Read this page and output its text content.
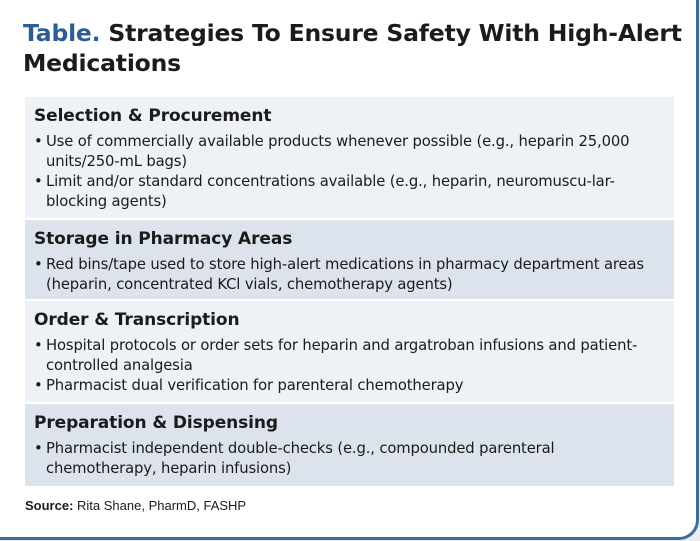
Table. Strategies To Ensure Safety With High-Alert Medications
Selection & Procurement
• Use of commercially available products whenever possible (e.g., heparin 25,000 units/250-mL bags)
• Limit and/or standard concentrations available (e.g., heparin, neuromuscu-lar-blocking agents)
Storage in Pharmacy Areas
• Red bins/tape used to store high-alert medications in pharmacy department areas (heparin, concentrated KCl vials, chemotherapy agents)
Order & Transcription
• Hospital protocols or order sets for heparin and argatroban infusions and patient-controlled analgesia
• Pharmacist dual verification for parenteral chemotherapy
Preparation & Dispensing
• Pharmacist independent double-checks (e.g., compounded parenteral chemotherapy, heparin infusions)
Source: Rita Shane, PharmD, FASHP
